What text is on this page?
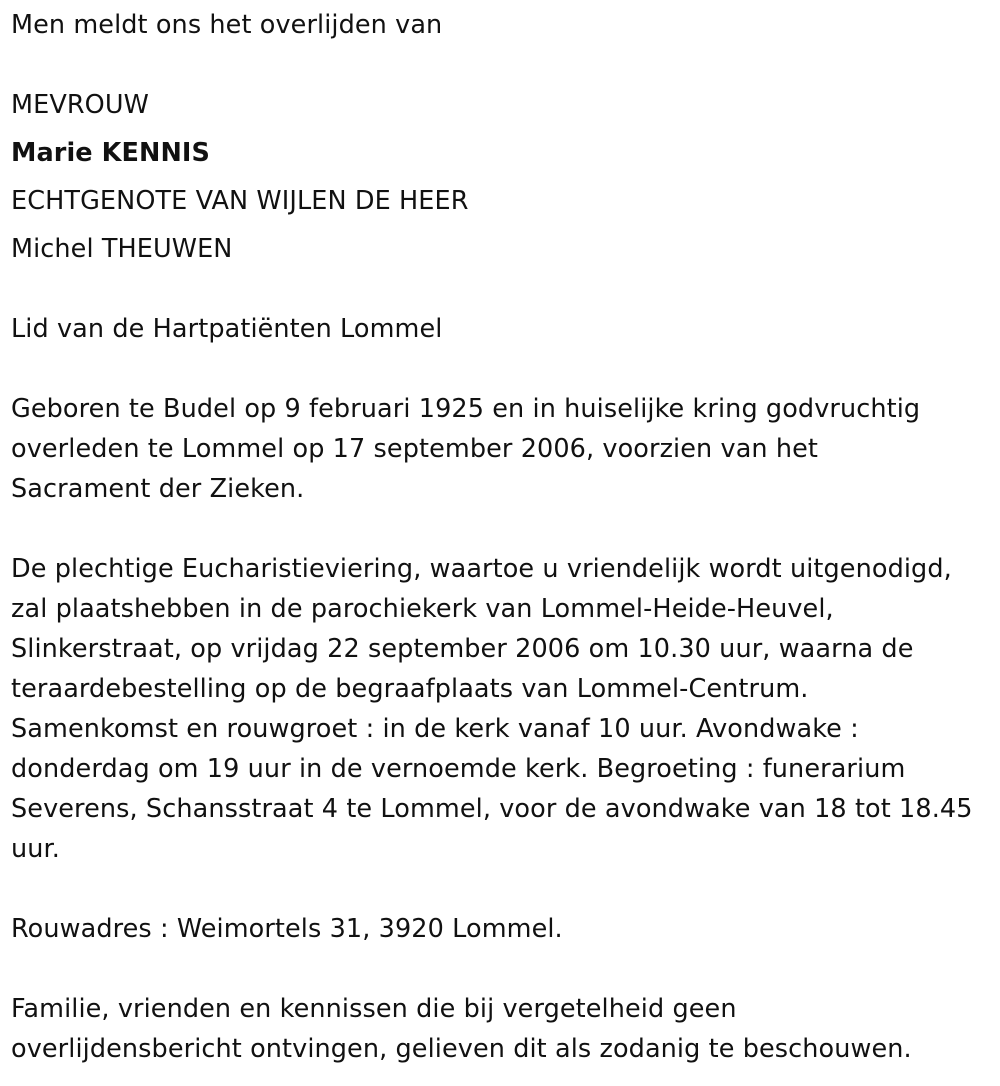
Men meldt ons het overlijden van

MEVROUW

Marie KENNIS

ECHTGENOTE VAN WIJLEN DE HEER

Michel THEUWEN

Lid van de Hartpatiënten Lommel

Geboren te Budel op 9 februari 1925 en in huiselijke kring godvruchtig
overleden te Lommel op 17 september 2006, voorzien van het
Sacrament der Zieken.
De plechtige Eucharistieviering, waartoe u vriendelijk wordt uitgenodigd,
zal plaatshebben in de parochiekerk van Lommel-Heide-Heuvel,
Slinkerstraat, op vrijdag 22 september 2006 om 10.30 uur, waarna de
teraardebestelling op de begraafplaats van Lommel-Centrum.
Samenkomst en rouwgroet : in de kerk vanaf 10 uur. Avondwake :
donderdag om 19 uur in de vernoemde kerk. Begroeting : funerarium
Severens, Schansstraat 4 te Lommel, voor de avondwake van 18 tot 18.45
uur.

Rouwadres : Weimortels 31, 3920 Lommel.

Familie, vrienden en kennissen die bij vergetelheid geen
overlijdensbericht ontvingen, gelieven dit als zodanig te beschouwen.
